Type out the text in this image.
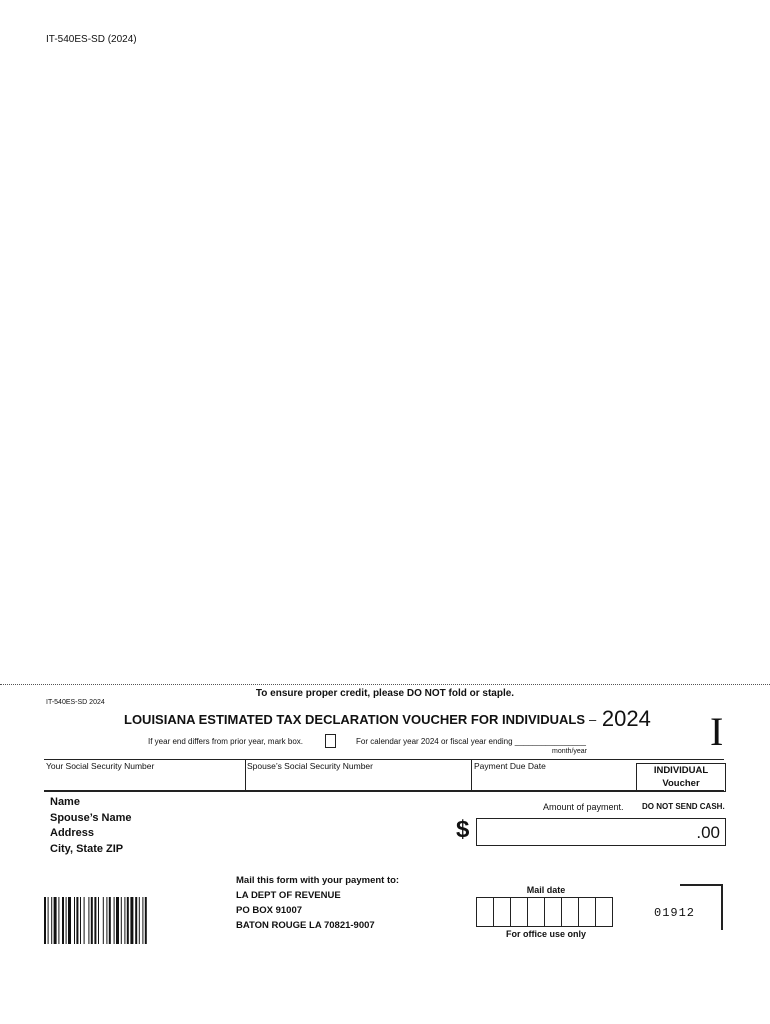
IT-540ES-SD (2024)
To ensure proper credit, please DO NOT fold or staple.
IT-540ES-SD 2024
LOUISIANA ESTIMATED TAX DECLARATION VOUCHER FOR INDIVIDUALS – 2024 I
If year end differs from prior year, mark box.	For calendar year 2024 or fiscal year ending ________________
month/year
Your Social Security Number	Spouse’s Social Security Number	Payment Due Date	INDIVIDUAL
Voucher
Name
Spouse’s Name
Address
City, State ZIP
Amount of payment. DO NOT SEND CASH.
$	.00
Mail this form with your payment to:
LA DEPT OF REVENUE
PO BOX 91007
BATON ROUGE LA 70821-9007
Mail date
For office use only
01912
